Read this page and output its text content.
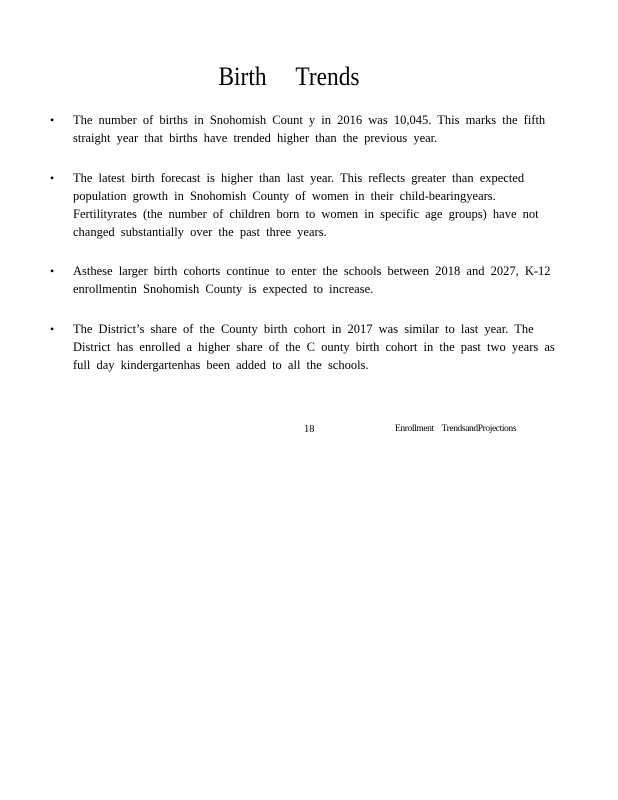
Birth Trends
• The number of births in Snohomish Count y in 2016 was 10,045. This marks the fifth
straight year that births have trended higher than the previous year.
• The latest birth forecast is higher than last year. This reflects greater than expected
population growth in Snohomish County of women in their child-bearingyears.
Fertilityrates (the number of children born to women in specific age groups) have not
changed substantially over the past three years.
• Asthese larger birth cohorts continue to enter the schools between 2018 and 2027, K-12
enrollmentin Snohomish County is expected to increase.
• The District’s share of the County birth cohort in 2017 was similar to last year. The
District has enrolled a higher share of the C ounty birth cohort in the past two years as
full day kindergartenhas been added to all the schools.
18	Enrollment TrendsandProjections
